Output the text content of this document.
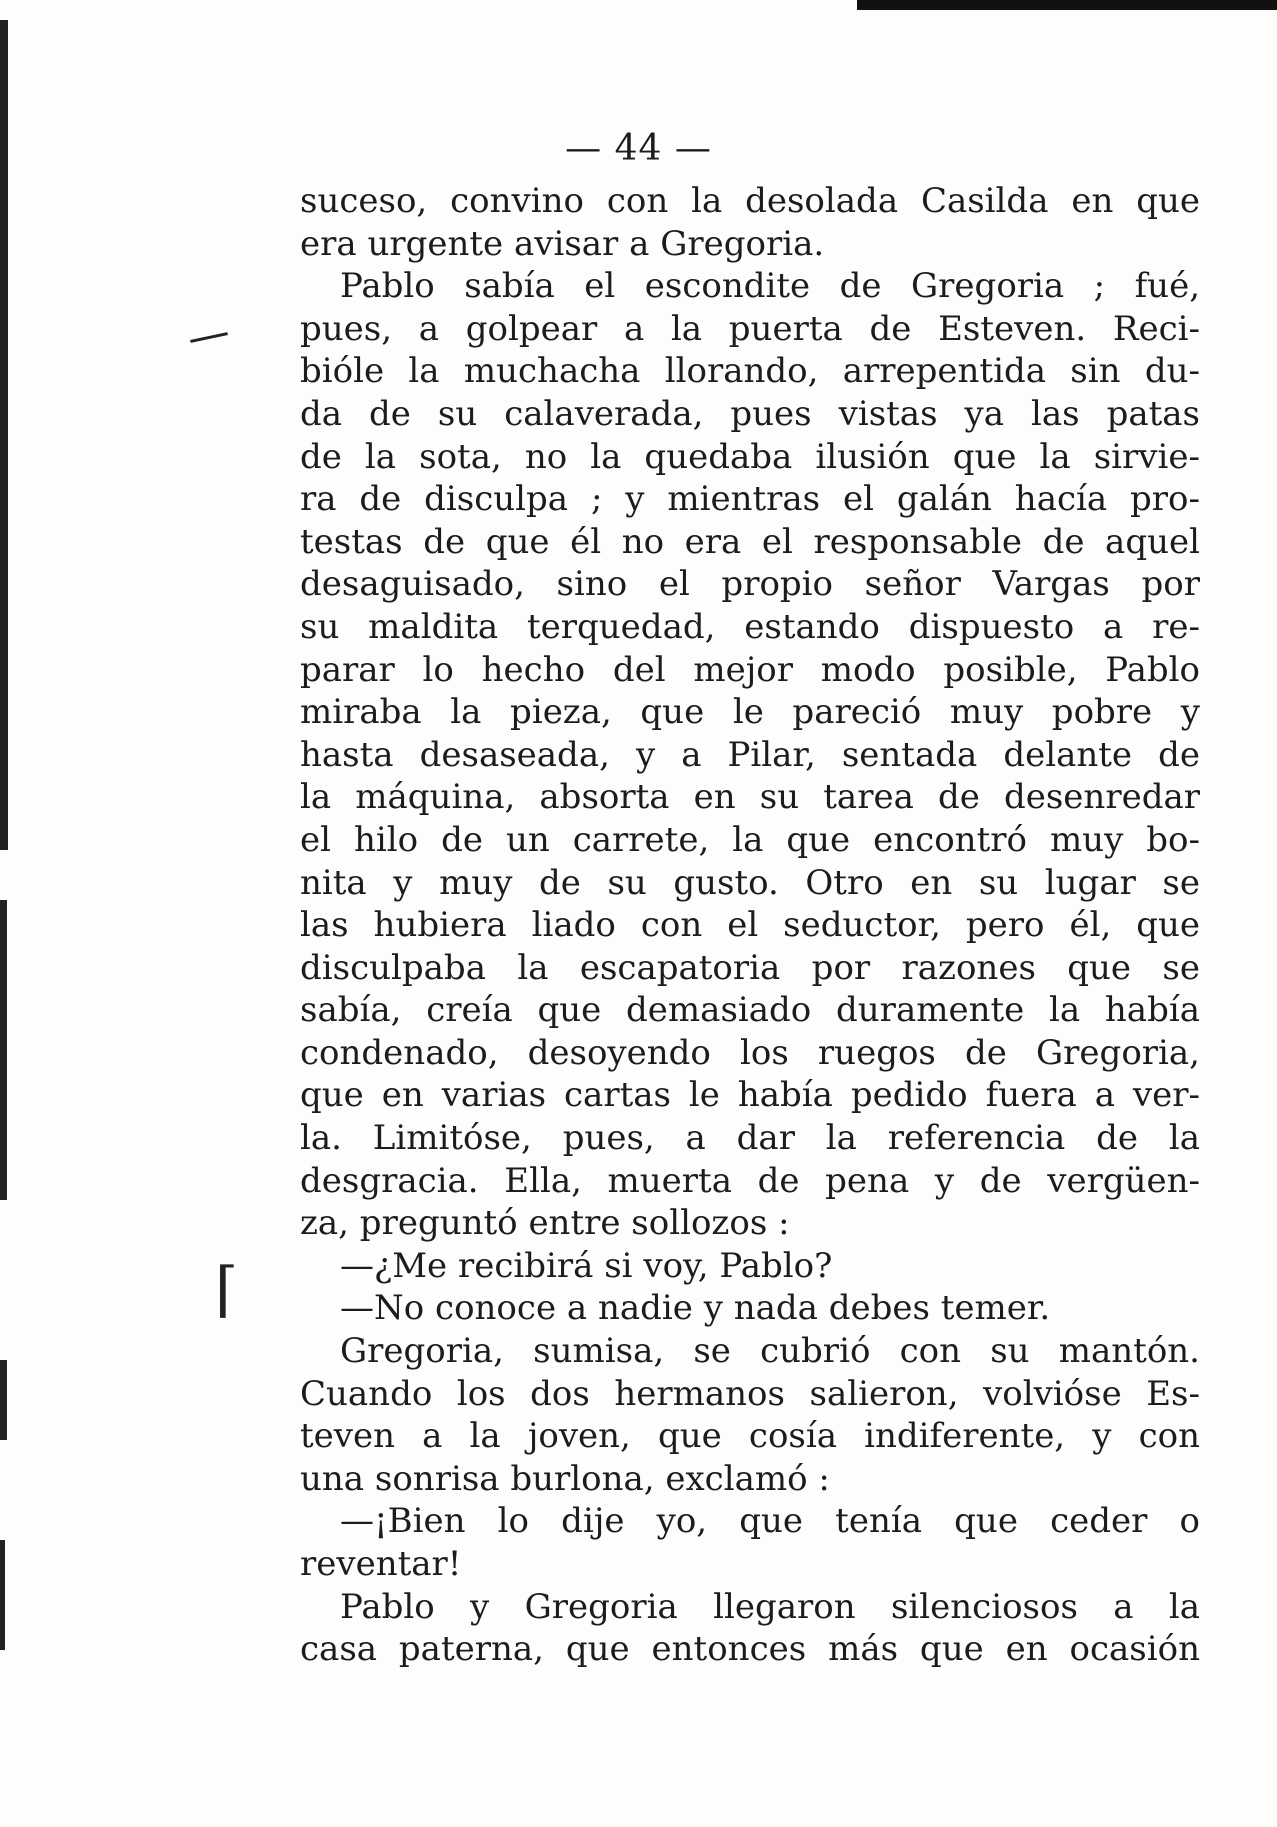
⌈
— 44 —
suceso, convino con la desolada Casilda en que
era urgente avisar a Gregoria.
Pablo sabía el escondite de Gregoria ; fué,
pues, a golpear a la puerta de Esteven. Reci-
bióle la muchacha llorando, arrepentida sin du-
da de su calaverada, pues vistas ya las patas
de la sota, no la quedaba ilusión que la sirvie-
ra de disculpa ; y mientras el galán hacía pro-
testas de que él no era el responsable de aquel
desaguisado, sino el propio señor Vargas por
su maldita terquedad, estando dispuesto a re-
parar lo hecho del mejor modo posible, Pablo
miraba la pieza, que le pareció muy pobre y
hasta desaseada, y a Pilar, sentada delante de
la máquina, absorta en su tarea de desenredar
el hilo de un carrete, la que encontró muy bo-
nita y muy de su gusto. Otro en su lugar se
las hubiera liado con el seductor, pero él, que
disculpaba la escapatoria por razones que se
sabía, creía que demasiado duramente la había
condenado, desoyendo los ruegos de Gregoria,
que en varias cartas le había pedido fuera a ver-
la. Limitóse, pues, a dar la referencia de la
desgracia. Ella, muerta de pena y de vergüen-
za, preguntó entre sollozos :
—¿Me recibirá si voy, Pablo?
—No conoce a nadie y nada debes temer.
Gregoria, sumisa, se cubrió con su mantón.
Cuando los dos hermanos salieron, volvióse Es-
teven a la joven, que cosía indiferente, y con
una sonrisa burlona, exclamó :
—¡Bien lo dije yo, que tenía que ceder o
reventar!
Pablo y Gregoria llegaron silenciosos a la
casa paterna, que entonces más que en ocasión
